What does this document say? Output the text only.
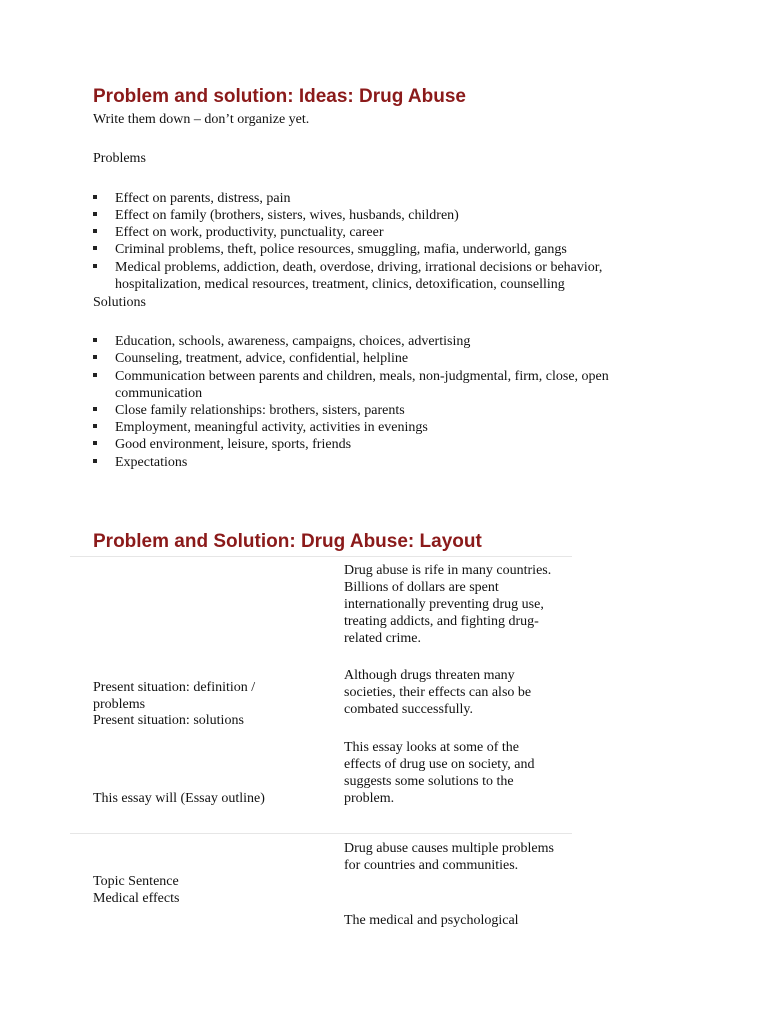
Problem and solution: Ideas: Drug Abuse
Write them down – don’t organize yet.
Problems
Effect on parents, distress, pain
Effect on family (brothers, sisters, wives, husbands, children)
Effect on work, productivity, punctuality, career
Criminal problems, theft, police resources, smuggling, mafia, underworld, gangs
Medical problems, addiction, death, overdose, driving, irrational decisions or behavior, hospitalization, medical resources, treatment, clinics, detoxification, counselling
Solutions
Education, schools, awareness, campaigns, choices, advertising
Counseling, treatment, advice, confidential, helpline
Communication between parents and children, meals, non-judgmental, firm, close, open communication
Close family relationships: brothers, sisters, parents
Employment, meaningful activity, activities in evenings
Good environment, leisure, sports, friends
Expectations
Problem and Solution: Drug Abuse: Layout
Drug abuse is rife in many countries. Billions of dollars are spent internationally preventing drug use, treating addicts, and fighting drug-related crime.
Although drugs threaten many societies, their effects can also be combated successfully.
This essay looks at some of the effects of drug use on society, and suggests some solutions to the problem.
Present situation: definition / problems
Present situation: solutions
This essay will (Essay outline)
Drug abuse causes multiple problems for countries and communities.
Topic Sentence
Medical effects
The medical and psychological
